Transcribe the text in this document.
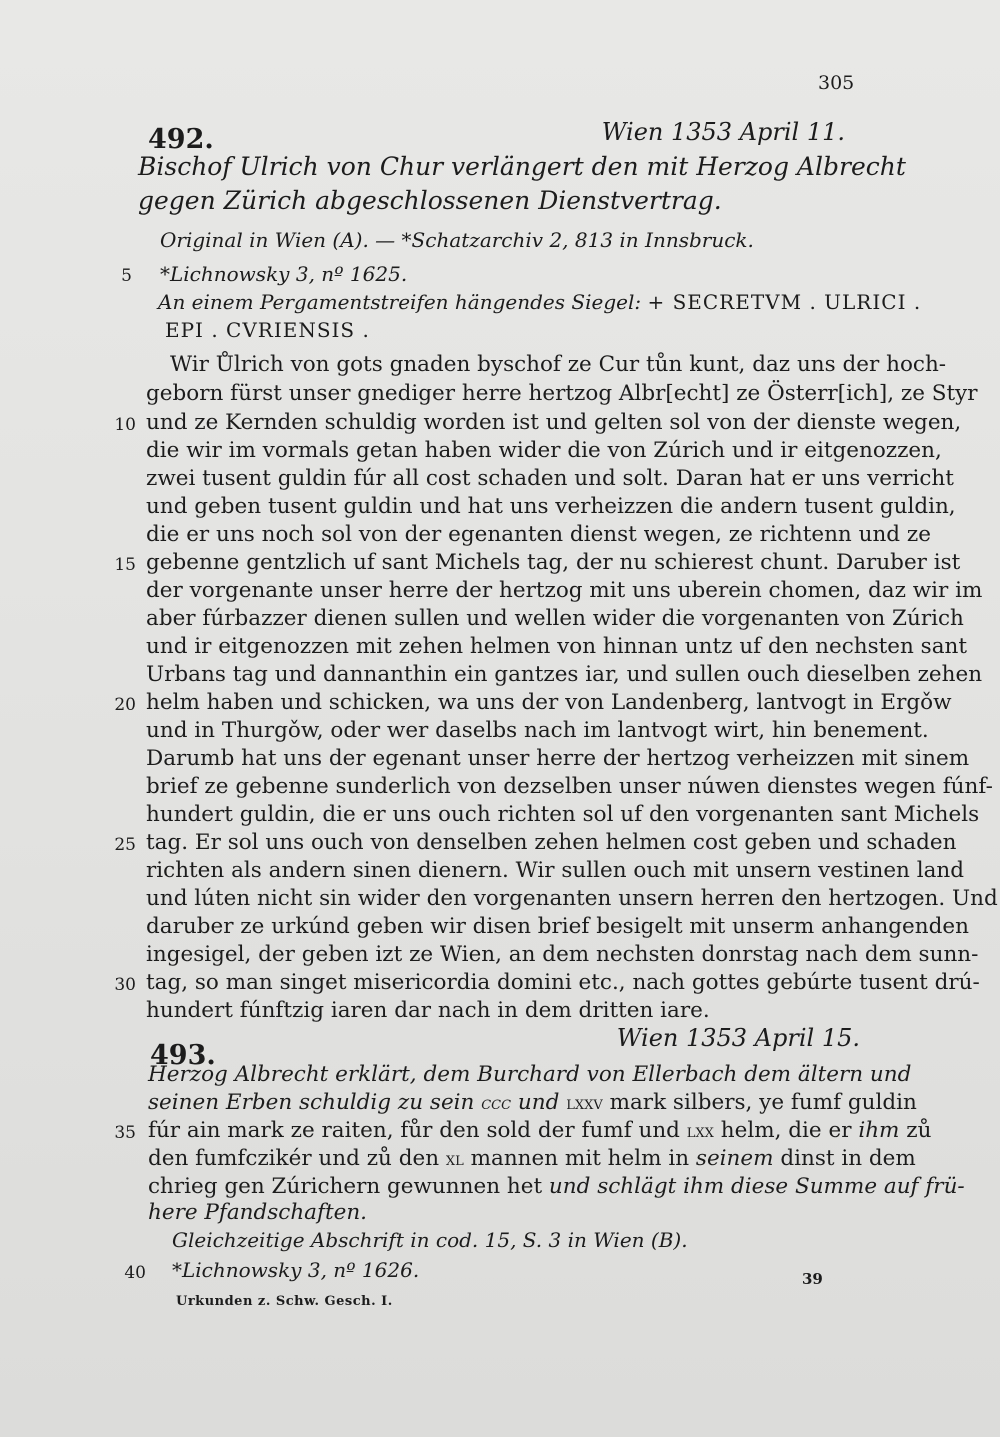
305
492.	Wien 1353 April 11.
Bischof Ulrich von Chur verlängert den mit Herzog Albrecht
gegen Zürich abgeschlossenen Dienstvertrag.
Original in Wien (A). — *Schatzarchiv 2, 813 in Innsbruck.
5 *Lichnowsky 3, nº 1625.
An einem Pergamentstreifen hängendes Siegel: + SECRETVM . ULRICI .
EPI . CVRIENSIS .
Wir Ůlrich von gots gnaden byschof ze Cur tůn kunt, daz uns der hoch-
geborn fürst unser gnediger herre hertzog Albr[echt] ze Österr[ich], ze Styr
10 und ze Kernden schuldig worden ist und gelten sol von der dienste wegen,
die wir im vormals getan haben wider die von Zúrich und ir eitgenozzen,
zwei tusent guldin fúr all cost schaden und solt. Daran hat er uns verricht
und geben tusent guldin und hat uns verheizzen die andern tusent guldin,
die er uns noch sol von der egenanten dienst wegen, ze richtenn und ze
15 gebenne gentzlich uf sant Michels tag, der nu schierest chunt. Daruber ist
der vorgenante unser herre der hertzog mit uns uberein chomen, daz wir im
aber fúrbazzer dienen sullen und wellen wider die vorgenanten von Zúrich
und ir eitgenozzen mit zehen helmen von hinnan untz uf den nechsten sant
Urbans tag und dannanthin ein gantzes iar, und sullen ouch dieselben zehen
20 helm haben und schicken, wa uns der von Landenberg, lantvogt in Ergǒw
und in Thurgǒw, oder wer daselbs nach im lantvogt wirt, hin benement.
Darumb hat uns der egenant unser herre der hertzog verheizzen mit sinem
brief ze gebenne sunderlich von dezselben unser núwen dienstes wegen fúnf-
hundert guldin, die er uns ouch richten sol uf den vorgenanten sant Michels
25 tag. Er sol uns ouch von denselben zehen helmen cost geben und schaden
richten als andern sinen dienern. Wir sullen ouch mit unsern vestinen land
und lúten nicht sin wider den vorgenanten unsern herren den hertzogen. Und
daruber ze urkúnd geben wir disen brief besigelt mit unserm anhangenden
ingesigel, der geben izt ze Wien, an dem nechsten donrstag nach dem sunn-
30 tag, so man singet misericordia domini etc., nach gottes gebúrte tusent drú-
hundert fúnftzig iaren dar nach in dem dritten iare.
Wien 1353 April 15.
493.
Herzog Albrecht erklärt, dem Burchard von Ellerbach dem ältern und
seinen Erben schuldig zu sein ccc und lxxv mark silbers, ye fumf guldin
35 fúr ain mark ze raiten, fůr den sold der fumf und lxx helm, die er ihm zů
den fumfczikér und zů den xl mannen mit helm in seinem dinst in dem
chrieg gen Zúrichern gewunnen het und schlägt ihm diese Summe auf frü-
here Pfandschaften.
Gleichzeitige Abschrift in cod. 15, S. 3 in Wien (B).
40 *Lichnowsky 3, nº 1626.	39
Urkunden z. Schw. Gesch. I.
